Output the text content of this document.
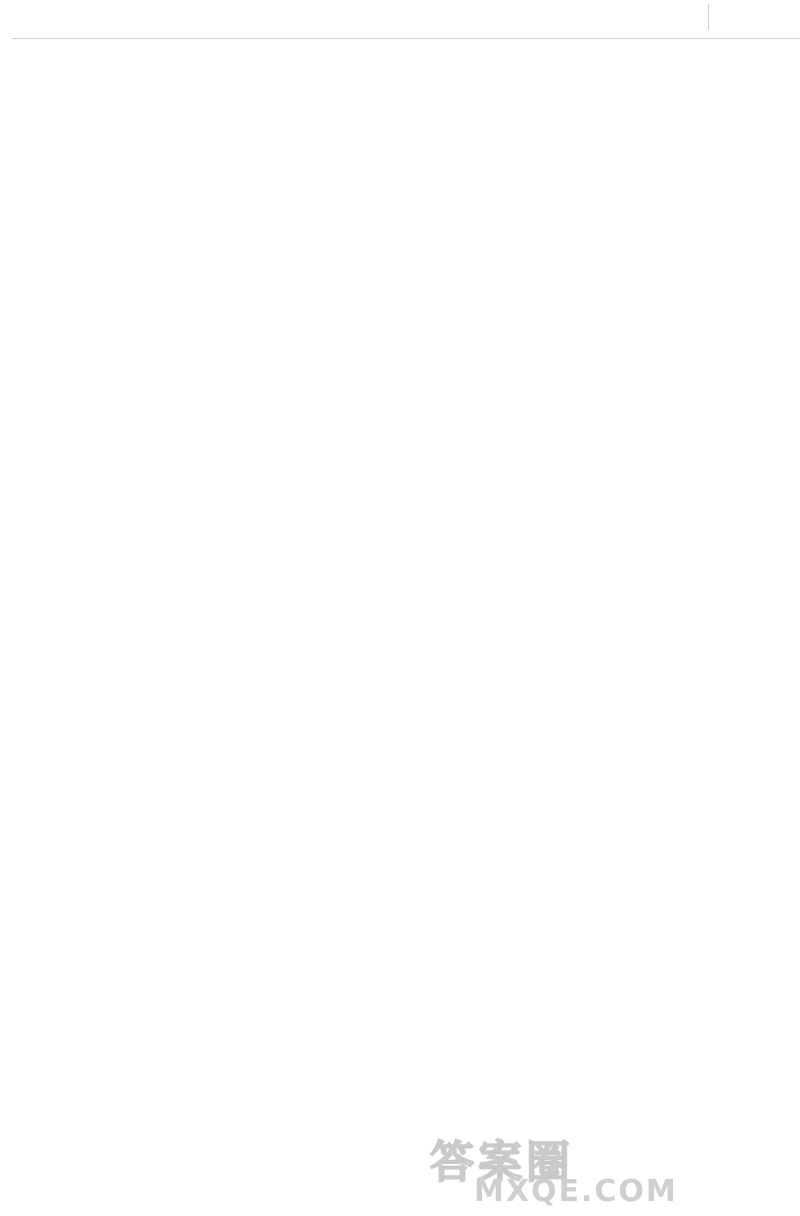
答案圈
MXQE.COM
